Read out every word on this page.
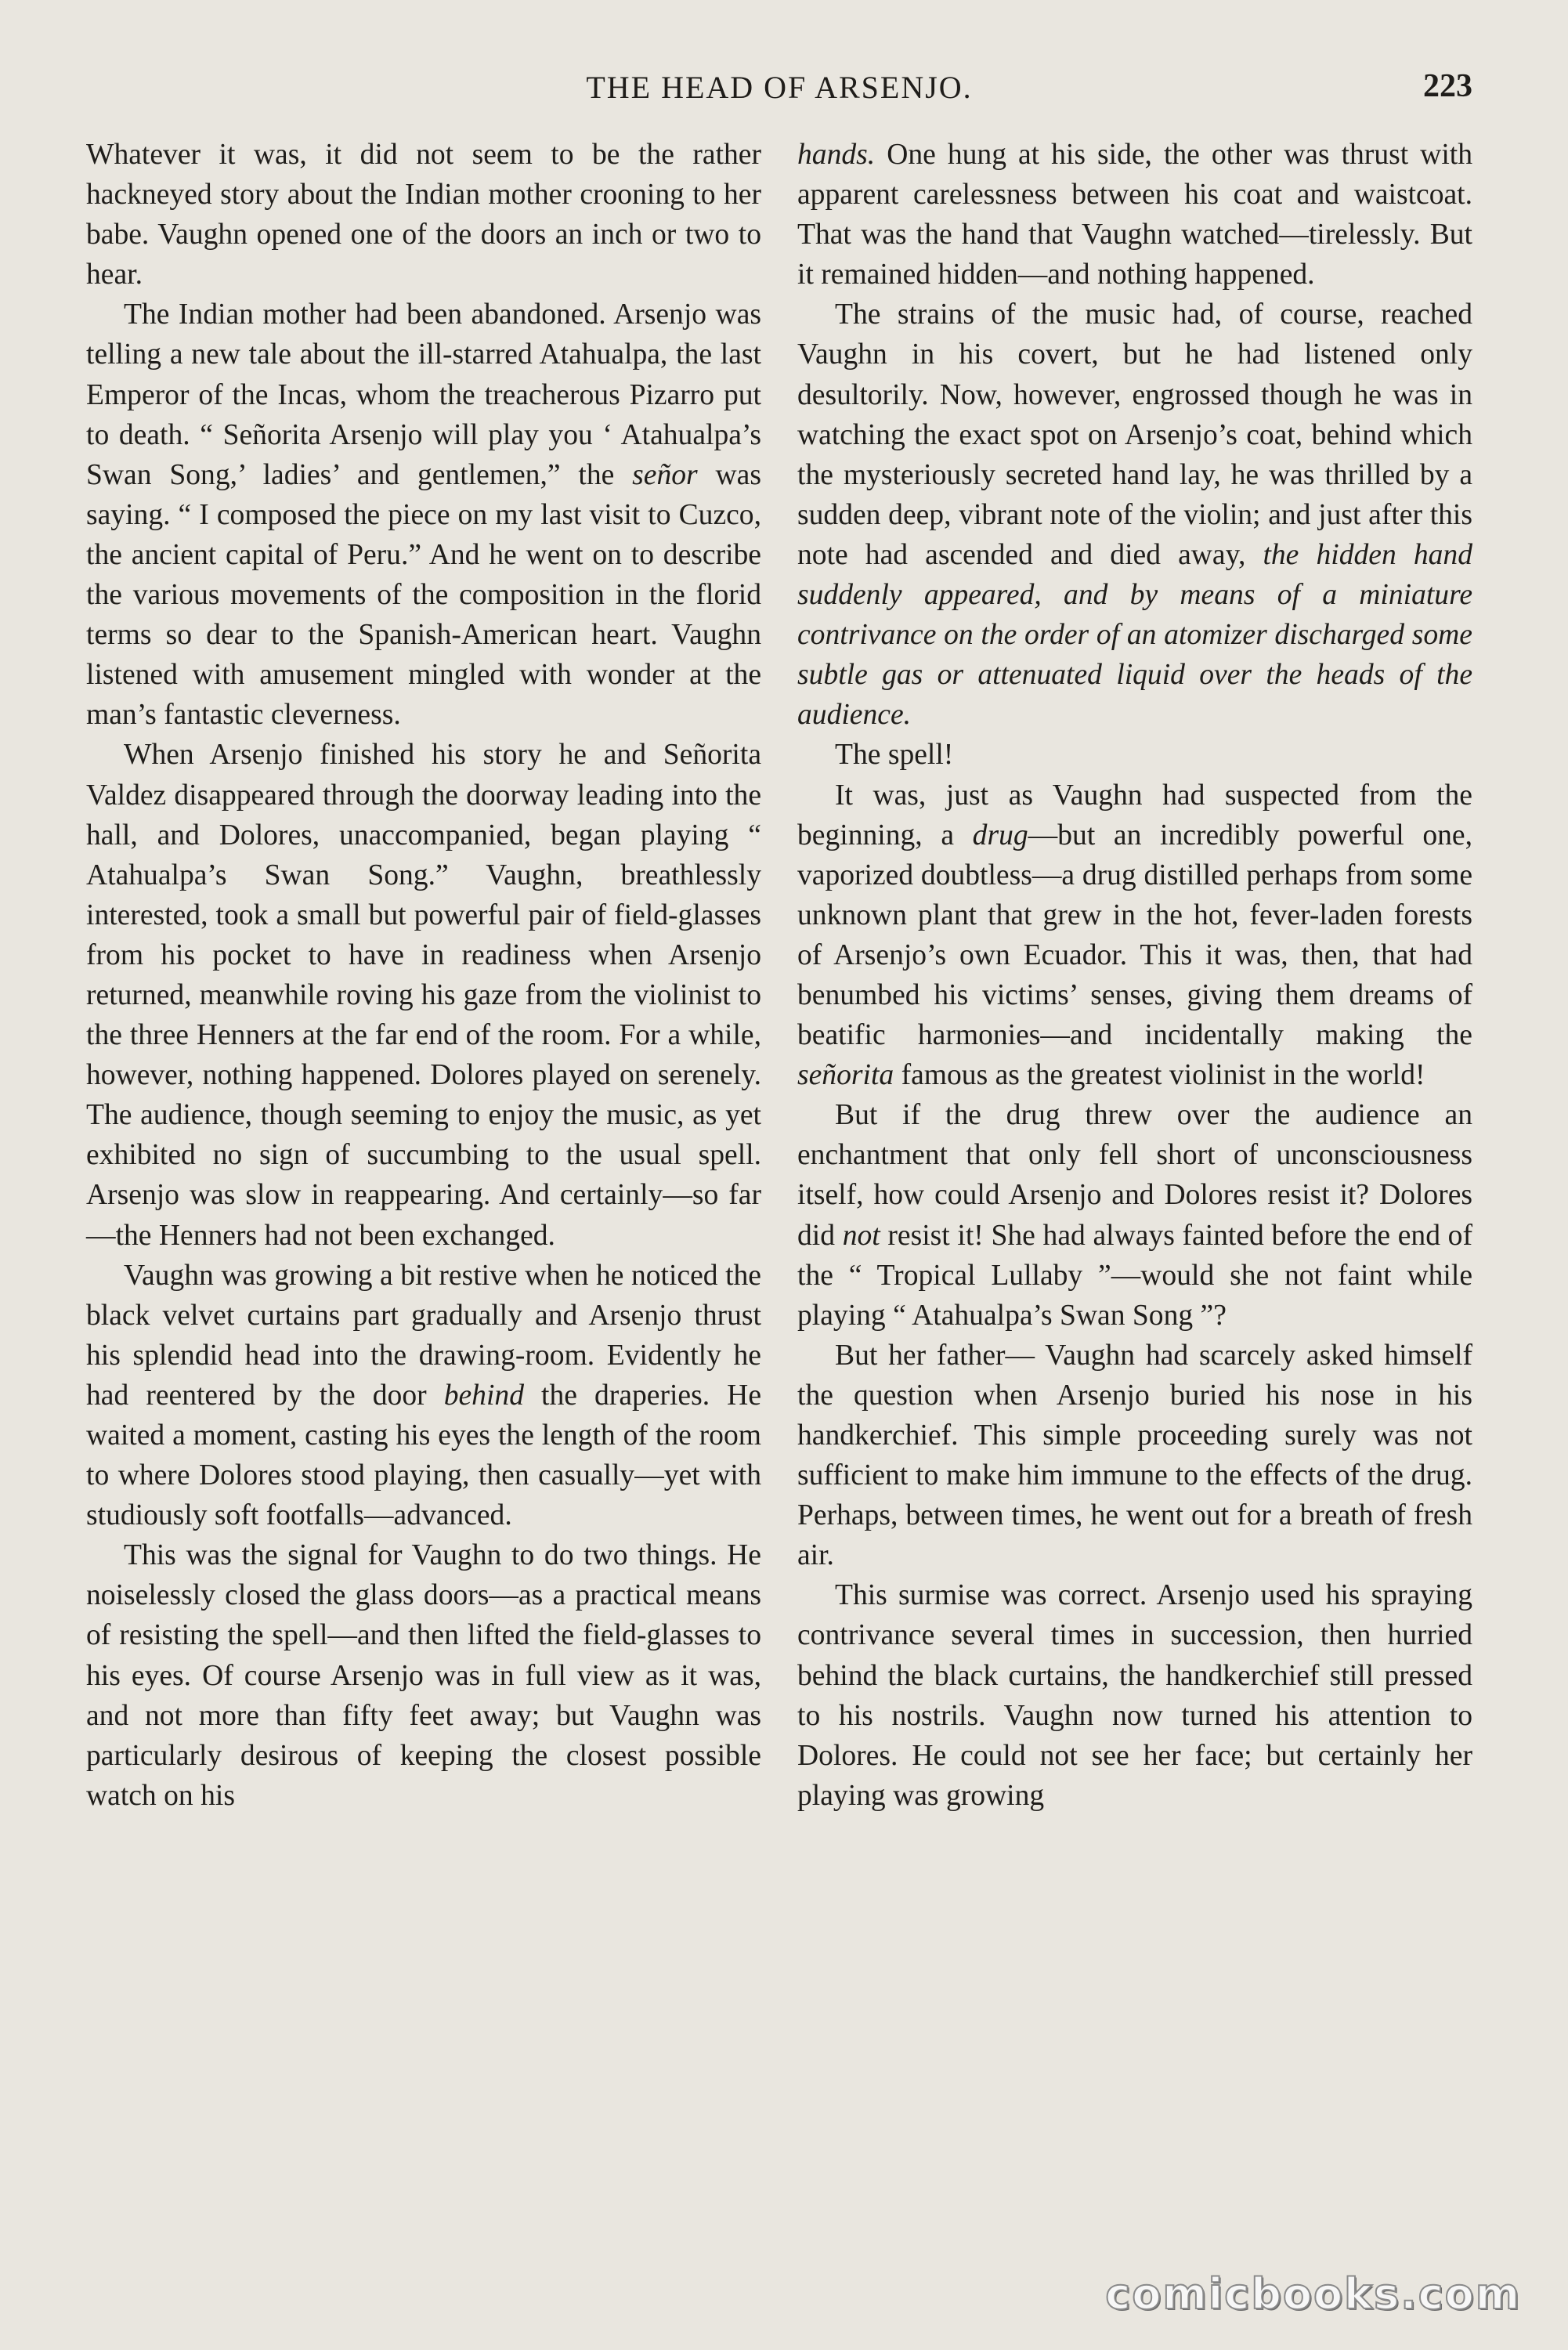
THE HEAD OF ARSENJO.	223

Whatever it was, it did not seem to be the rather hackneyed story about the Indian mother crooning to her babe. Vaughn opened one of the doors an inch or two to hear.

The Indian mother had been abandoned. Arsenjo was telling a new tale about the ill-starred Atahualpa, the last Emperor of the Incas, whom the treacherous Pizarro put to death. “ Señorita Arsenjo will play you ‘ Atahualpa’s Swan Song,’ ladies’ and gentlemen,” the señor was saying. “ I composed the piece on my last visit to Cuzco, the ancient capital of Peru.” And he went on to describe the various movements of the composition in the florid terms so dear to the Spanish-American heart. Vaughn listened with amusement mingled with wonder at the man’s fantastic cleverness.

When Arsenjo finished his story he and Señorita Valdez disappeared through the doorway leading into the hall, and Dolores, unaccompanied, began playing “ Atahualpa’s Swan Song.” Vaughn, breathlessly interested, took a small but powerful pair of field-glasses from his pocket to have in readiness when Arsenjo returned, meanwhile roving his gaze from the violinist to the three Henners at the far end of the room. For a while, however, nothing happened. Dolores played on serenely. The audience, though seeming to enjoy the music, as yet exhibited no sign of succumbing to the usual spell. Arsenjo was slow in reappearing. And certainly—so far—the Henners had not been exchanged.

Vaughn was growing a bit restive when he noticed the black velvet curtains part gradually and Arsenjo thrust his splendid head into the drawing-room. Evidently he had reentered by the door behind the draperies. He waited a moment, casting his eyes the length of the room to where Dolores stood playing, then casually—yet with studiously soft footfalls—advanced.

This was the signal for Vaughn to do two things. He noiselessly closed the glass doors—as a practical means of resisting the spell—and then lifted the field-glasses to his eyes. Of course Arsenjo was in full view as it was, and not more than fifty feet away; but Vaughn was particularly desirous of keeping the closest possible watch on his

hands. One hung at his side, the other was thrust with apparent carelessness between his coat and waistcoat. That was the hand that Vaughn watched—tirelessly. But it remained hidden—and nothing happened.

The strains of the music had, of course, reached Vaughn in his covert, but he had listened only desultorily. Now, however, engrossed though he was in watching the exact spot on Arsenjo’s coat, behind which the mysteriously secreted hand lay, he was thrilled by a sudden deep, vibrant note of the violin; and just after this note had ascended and died away, the hidden hand suddenly appeared, and by means of a miniature contrivance on the order of an atomizer discharged some subtle gas or attenuated liquid over the heads of the audience.

The spell!

It was, just as Vaughn had suspected from the beginning, a drug—but an incredibly powerful one, vaporized doubtless—a drug distilled perhaps from some unknown plant that grew in the hot, fever-laden forests of Arsenjo’s own Ecuador. This it was, then, that had benumbed his victims’ senses, giving them dreams of beatific harmonies—and incidentally making the señorita famous as the greatest violinist in the world!

But if the drug threw over the audience an enchantment that only fell short of unconsciousness itself, how could Arsenjo and Dolores resist it? Dolores did not resist it! She had always fainted before the end of the “ Tropical Lullaby ”—would she not faint while playing “ Atahualpa’s Swan Song ”?

But her father— Vaughn had scarcely asked himself the question when Arsenjo buried his nose in his handkerchief. This simple proceeding surely was not sufficient to make him immune to the effects of the drug. Perhaps, between times, he went out for a breath of fresh air.

This surmise was correct. Arsenjo used his spraying contrivance several times in succession, then hurried behind the black curtains, the handkerchief still pressed to his nostrils. Vaughn now turned his attention to Dolores. He could not see her face; but certainly her playing was growing

comicbooks.com
